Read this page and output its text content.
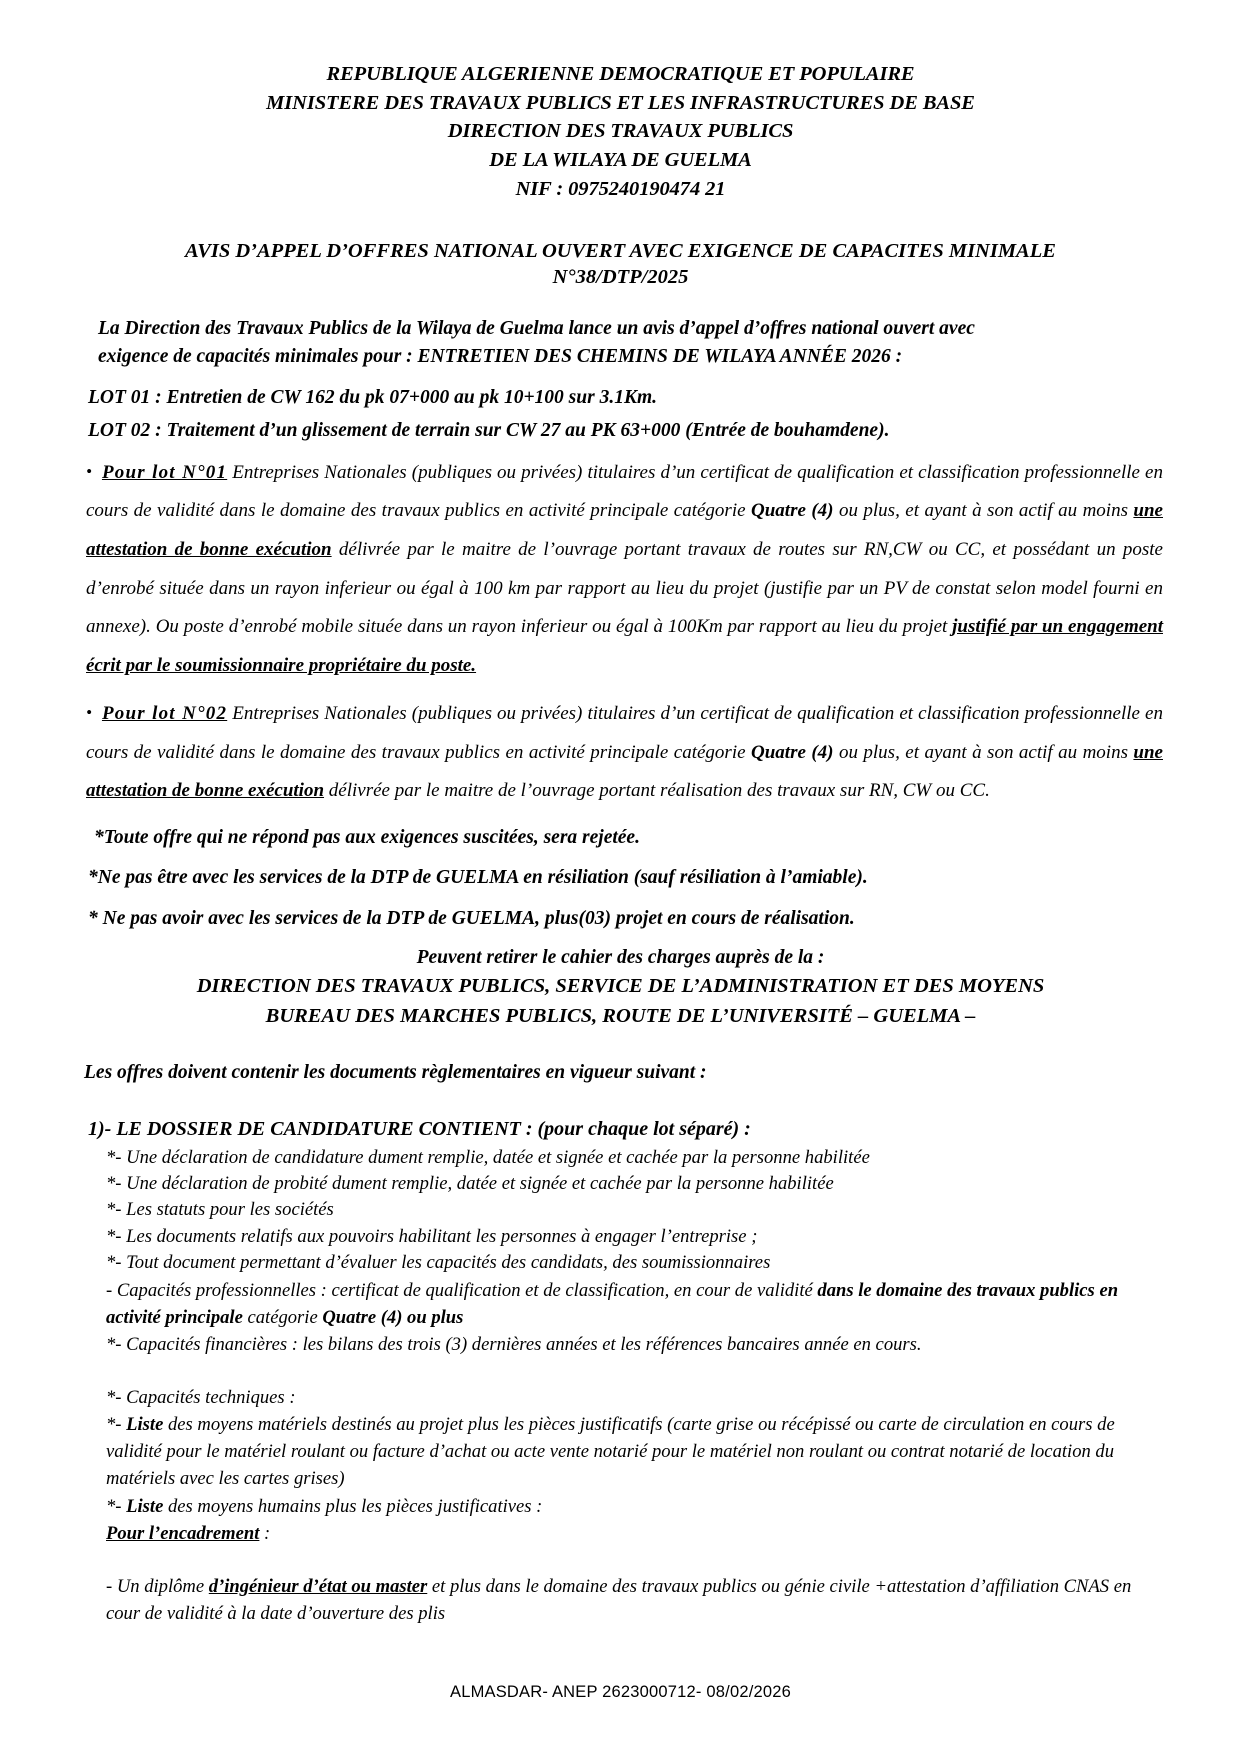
REPUBLIQUE ALGERIENNE DEMOCRATIQUE ET POPULAIRE
MINISTERE DES TRAVAUX PUBLICS ET LES INFRASTRUCTURES DE BASE
DIRECTION DES TRAVAUX PUBLICS
DE LA WILAYA DE GUELMA
NIF : 0975240190474 21
AVIS D’APPEL D’OFFRES NATIONAL OUVERT AVEC EXIGENCE DE CAPACITES MINIMALE
N°38/DTP/2025
La Direction des Travaux Publics de la Wilaya de Guelma lance un avis d’appel d’offres national ouvert avec
exigence de capacités minimales pour : ENTRETIEN DES CHEMINS DE WILAYA ANNÉE 2026 :
LOT 01 : Entretien de CW 162 du pk 07+000 au pk 10+100 sur 3.1Km.
LOT 02 : Traitement d’un glissement de terrain sur CW 27 au PK 63+000 (Entrée de bouhamdene).
• Pour lot N°01 Entreprises Nationales (publiques ou privées) titulaires d’un certificat de qualification et classification professionnelle en cours de validité dans le domaine des travaux publics en activité principale catégorie Quatre (4) ou plus, et ayant à son actif au moins une attestation de bonne exécution délivrée par le maitre de l’ouvrage portant travaux de routes sur RN,CW ou CC, et possédant un poste d’enrobé située dans un rayon inferieur ou égal à 100 km par rapport au lieu du projet (justifie par un PV de constat selon model fourni en annexe). Ou poste d’enrobé mobile située dans un rayon inferieur ou égal à 100Km par rapport au lieu du projet justifié par un engagement écrit par le soumissionnaire propriétaire du poste.
• Pour lot N°02 Entreprises Nationales (publiques ou privées) titulaires d’un certificat de qualification et classification professionnelle en cours de validité dans le domaine des travaux publics en activité principale catégorie Quatre (4) ou plus, et ayant à son actif au moins une attestation de bonne exécution délivrée par le maitre de l’ouvrage portant réalisation des travaux sur RN, CW ou CC.
*Toute offre qui ne répond pas aux exigences suscitées, sera rejetée.
*Ne pas être avec les services de la DTP de GUELMA en résiliation (sauf résiliation à l’amiable).
* Ne pas avoir avec les services de la DTP de GUELMA, plus(03) projet en cours de réalisation.
Peuvent retirer le cahier des charges auprès de la :
DIRECTION DES TRAVAUX PUBLICS, SERVICE DE L’ADMINISTRATION ET DES MOYENS
BUREAU DES MARCHES PUBLICS, ROUTE DE L’UNIVERSITÉ – GUELMA –
Les offres doivent contenir les documents règlementaires en vigueur suivant :
1)- LE DOSSIER DE CANDIDATURE CONTIENT : (pour chaque lot séparé) :
*- Une déclaration de candidature dument remplie, datée et signée et cachée par la personne habilitée
*- Une déclaration de probité dument remplie, datée et signée et cachée par la personne habilitée
*- Les statuts pour les sociétés
*- Les documents relatifs aux pouvoirs habilitant les personnes à engager l’entreprise ;
*- Tout document permettant d’évaluer les capacités des candidats, des soumissionnaires
- Capacités professionnelles : certificat de qualification et de classification, en cour de validité dans le domaine des travaux publics en activité principale catégorie Quatre (4) ou plus
*- Capacités financières : les bilans des trois (3) dernières années et les références bancaires année en cours.
*- Capacités techniques :
*- Liste des moyens matériels destinés au projet plus les pièces justificatifs (carte grise ou récépissé ou carte de circulation en cours de validité pour le matériel roulant ou facture d’achat ou acte vente notarié pour le matériel non roulant ou contrat notarié de location du matériels avec les cartes grises)
*- Liste des moyens humains plus les pièces justificatives :
Pour l’encadrement :
- Un diplôme d’ingénieur d’état ou master et plus dans le domaine des travaux publics ou génie civile +attestation d’affiliation CNAS en cour de validité à la date d’ouverture des plis
ALMASDAR- ANEP 2623000712- 08/02/2026
